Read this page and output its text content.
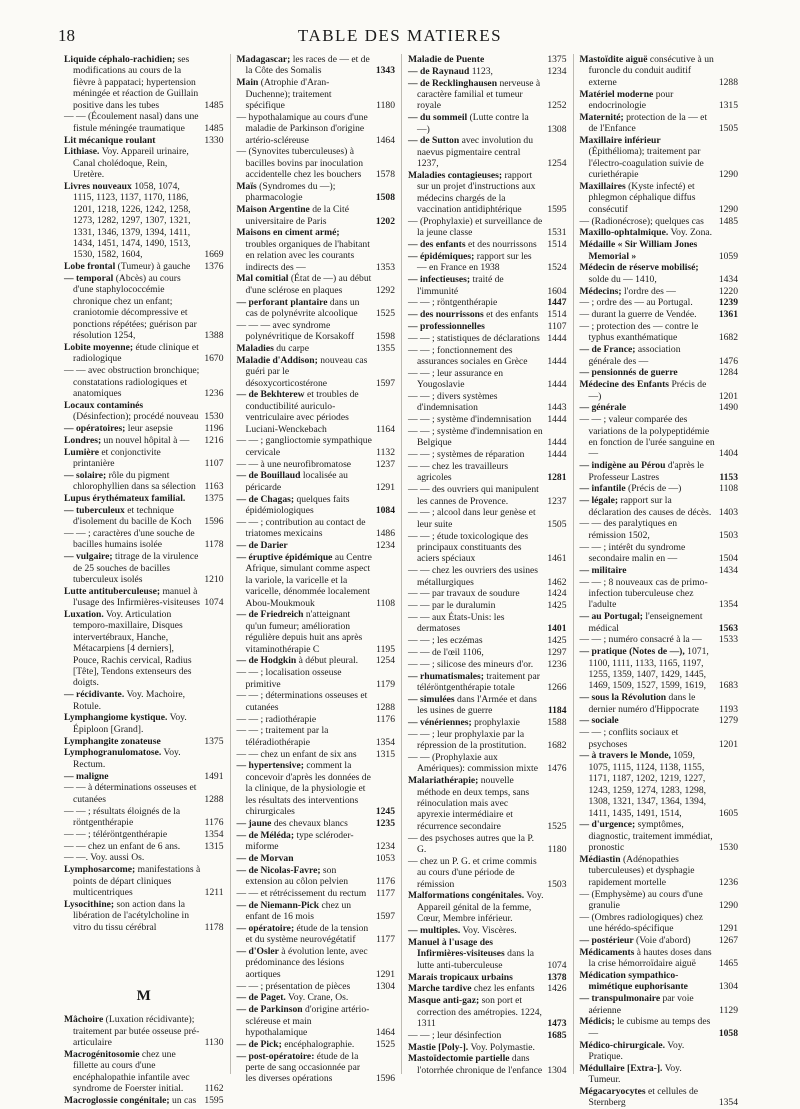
18	TABLE DES MATIERES
Liquide céphalo-rachidien; ses modifications au cours de la fièvre à pappataci; hypertension méningée et réaction de Guillain positive dans les tubes	1485
— — (Écoulement nasal) dans une fistule méningée traumatique	1485
Lit mécanique roulant	1330
Lithiase. Voy. Appareil urinaire, Canal cholédoque, Rein, Uretère.
Livres nouveaux 1058, 1074, 1115, 1123, 1137, 1170, 1186, 1201, 1218, 1226, 1242, 1258, 1273, 1282, 1297, 1307, 1321, 1331, 1346, 1379, 1394, 1411, 1434, 1451, 1474, 1490, 1513, 1530, 1582, 1604,	1669
Lobe frontal (Tumeur) à gauche	1376
— temporal (Abcès) au cours d'une staphylococcémie chronique chez un enfant; craniotomie décompressive et ponctions répétées; guérison par résolution 1254,	1388
Lobite moyenne; étude clinique et radiologique	1670
— — avec obstruction bronchique; constatations radiologiques et anatomiques	1236
Locaux contaminés (Désinfection); procédé nouveau 1530
— opératoires; leur asepsie	1196
Londres; un nouvel hôpital à —	1216
Lumière et conjonctivite printanière	1107
— solaire; rôle du pigment chlorophyllien dans sa sélection 1163
Lupus érythémateux familial.	1375
— tuberculeux et technique d'isolement du bacille de Koch	1596
— — ; caractères d'une souche de bacilles humains isolée	1178
— vulgaire; titrage de la virulence de 25 souches de bacilles tuberculeux isolés	1210
Lutte antituberculeuse; manuel à l'usage des Infirmières-visiteuses 1074
Luxation. Voy. Articulation temporo-maxillaire, Disques intervertébraux, Hanche, Métacarpiens [4 derniers], Pouce, Rachis cervical, Radius [Tête], Tendons extenseurs des doigts.
— récidivante. Voy. Machoire, Rotule.
Lymphangiome kystique. Voy. Épiploon [Grand].
Lymphangite zonateuse	1375
Lymphogranulomatose. Voy. Rectum.
— maligne	1491
— — à déterminations osseuses et cutanées	1288
— — ; résultats éloignés de la röntgenthérapie	1176
— — ; téléröntgenthérapie	1354
— — chez un enfant de 6 ans.	1315
— —. Voy. aussi Os.
Lymphosarcome; manifestations à points de départ cliniques multicentriques	1211
Lysocithine; son action dans la libération de l'acétylcholine in vitro du tissu cérébral	1178
M
Mâchoire (Luxation récidivante); traitement par butée osseuse pré-articulaire	1130
Macrogénitosomie chez une fillette au cours d'une encéphalopathie infantile avec syndrome de Foerster initial.	1162
Macroglossie congénitale; un cas 1595
Madagascar; les races de — et de la Côte des Somalis	1343
Main (Atrophie d'Aran-Duchenne); traitement spécifique	1180
— hypothalamique au cours d'une maladie de Parkinson d'origine artério-scléreuse	1464
— (Synovites tuberculeuses) à bacilles bovins par inoculation accidentelle chez les bouchers	1578
Maïs (Syndromes du —); pharmacologie	1508
Maison Argentine de la Cité universitaire de Paris	1202
Maisons en ciment armé; troubles organiques de l'habitant en relation avec les courants indirects des —	1353
Mal comitial (État de —) au début d'une sclérose en plaques	1292
— perforant plantaire dans un cas de polynévrite alcoolique	1525
— — — avec syndrome polynévritique de Korsakoff	1598
Maladies du carpe	1355
Maladie d'Addison; nouveau cas guéri par le désoxycorticostérone	1597
— de Bekhterew et troubles de conductibilité auriculo-ventriculaire avec périodes Luciani-Wenckebach	1164
— — ; ganglioctomie sympathique cervicale	1132
— — à une neurofibromatose	1237
— de Bouillaud localisée au péricarde	1291
— de Chagas; quelques faits épidémiologiques	1084
— — ; contribution au contact de triatomes mexicains	1486
— de Darier	1234
— éruptive épidémique au Centre Afrique, simulant comme aspect la variole, la varicelle et la varicelle, dénommée localement Abou-Moukmouk	1108
— de Friedreich n'atteignant qu'un fumeur; amélioration régulière depuis huit ans après vitaminothérapie C	1195
— de Hodgkin à début pleural.	1254
— — ; localisation osseuse primitive	1179
— — ; déterminations osseuses et cutanées	1288
— — ; radiothérapie	1176
— — ; traitement par la téléradiothérapie	1354
— — chez un enfant de six ans	1315
— hypertensive; comment la concevoir d'après les données de la clinique, de la physiologie et les résultats des interventions chirurgicales	1245
— jaune des chevaux blancs	1235
— de Méléda; type scléroder-miforme	1234
— de Morvan	1053
— de Nicolas-Favre; son extension au côlon pelvien	1176
— — et rétrécissement du rectum	1177
— de Niemann-Pick chez un enfant de 16 mois	1597
— opératoire; étude de la tension et du système neurovégétatif	1177
— d'Osler à évolution lente, avec prédominance des lésions aortiques	1291
— — ; présentation de pièces	1304
— de Paget. Voy. Crane, Os.
— de Parkinson d'origine artério-scléreuse et main hypothalamique	1464
— de Pick; encéphalographie.	1525
— post-opératoire: étude de la perte de sang occasionnée par les diverses opérations	1596
Maladie de Puente	1375
— de Raynaud 1123,	1234
— de Recklinghausen nerveuse à caractère familial et tumeur royale	1252
— du sommeil (Lutte contre la —)	1308
— de Sutton avec involution du naevus pigmentaire central 1237,	1254
Maladies contagieuses; rapport sur un projet d'instructions aux médecins chargés de la vaccination antidiphtérique	1595
— (Prophylaxie) et surveillance de la jeune classe	1531
— des enfants et des nourrissons	1514
— épidémiques; rapport sur les — en France en 1938	1524
— infectieuses; traité de l'immunité	1604
— — ; röntgenthérapie	1447
— des nourrissons et des enfants 1514
— professionnelles	1107
— — ; statistiques de déclarations 1444
— — ; fonctionnement des assurances sociales en Grèce	1444
— — ; leur assurance en Yougoslavie	1444
— — ; divers systèmes d'indemnisation	1443
— — ; système d'indemnisation	1444
— — ; système d'indemnisation en Belgique	1444
— — ; systèmes de réparation	1444
— — chez les travailleurs agricoles	1281
— — des ouvriers qui manipulent les cannes de Provence.	1237
— — ; alcool dans leur genèse et leur suite	1505
— — ; étude toxicologique des principaux constituants des aciers spéciaux	1461
— — chez les ouvriers des usines métallurgiques	1462
— — par travaux de soudure	1424
— — par le duralumin	1425
— — aux États-Unis: les dermatoses	1401
— — ; les eczémas	1425
— — de l'œil 1106,	1297
— — ; silicose des mineurs d'or.	1236
— rhumatismales; traitement par téléröntgenthérapie totale	1266
— simulées dans l'Armée et dans les usines de guerre	1184
— vénériennes; prophylaxie	1588
— — ; leur prophylaxie par la répression de la prostitution.	1682
— — (Prophylaxie aux Amériques): commission mixte 1476
Malariathérapie; nouvelle méthode en deux temps, sans réinoculation mais avec apyrexie intermédiaire et récurrence secondaire	1525
— des psychoses autres que la P. G.	1180
— chez un P. G. et crime commis au cours d'une période de rémission	1503
Malformations congénitales. Voy. Appareil génital de la femme, Cœur, Membre inférieur.
— multiples. Voy. Viscères.
Manuel à l'usage des Infirmières-visiteuses dans la lutte anti-tuberculeuse	1074
Marais tropicaux urbains	1378
Marche tardive chez les enfants	1426
Masque anti-gaz; son port et correction des amétropies. 1224, 1311	1473
— — ; leur désinfection	1685
Mastie [Poly-]. Voy. Polymastie.
Mastoïdectomie partielle dans l'otorrhée chronique de l'enfance 1304
Mastoïdite aiguë consécutive à un furoncle du conduit auditif externe	1288
Matériel moderne pour endocrinologie	1315
Maternité; protection de la — et de l'Enfance	1505
Maxillaire inférieur (Épithélioma); traitement par l'électro-coagulation suivie de curiethérapie	1290
Maxillaires (Kyste infecté) et phlegmon céphalique diffus consécutif	1290
— (Radionécrose); quelques cas	1485
Maxillo-ophtalmique. Voy. Zona.
Médaille « Sir William Jones Memorial »	1059
Médecin de réserve mobilisé; solde du — 1410,	1434
Médecins; l'ordre des —	1220
— ; ordre des — au Portugal.	1239
— durant la guerre de Vendée.	1361
— ; protection des — contre le typhus exanthématique	1682
— de France; association générale des —	1476
— pensionnés de guerre	1284
Médecine des Enfants Précis de —)	1201
— générale	1490
— — ; valeur comparée des variations de la polypeptidémie en fonction de l'urée sanguine en —	1404
— indigène au Pérou d'après le Professeur Lastres	1153
— infantile (Précis de —)	1108
— légale; rapport sur la déclaration des causes de décès. 1403
— — des paralytiques en rémission 1502,	1503
— — ; intérêt du syndrome secondaire malin en —	1504
— militaire	1434
— — ; 8 nouveaux cas de primo-infection tuberculeuse chez l'adulte	1354
— au Portugal; l'enseignement médical	1563
— — ; numéro consacré à la —	1533
— pratique (Notes de —), 1071, 1100, 1111, 1133, 1165, 1197, 1255, 1359, 1407, 1429, 1445, 1469, 1509, 1527, 1599, 1619,	1683
— sous la Révolution dans le dernier numéro d'Hippocrate	1193
— sociale	1279
— — ; conflits sociaux et psychoses	1201
— à travers le Monde, 1059, 1075, 1115, 1124, 1138, 1155, 1171, 1187, 1202, 1219, 1227, 1243, 1259, 1274, 1283, 1298, 1308, 1321, 1347, 1364, 1394, 1411, 1435, 1491, 1514,	1605
— d'urgence; symptômes, diagnostic, traitement immédiat, pronostic	1530
Médiastin (Adénopathies tuberculeuses) et dysphagie rapidement mortelle	1236
— (Emphysème) au cours d'une granulie	1290
— (Ombres radiologiques) chez une hérédo-spécifique	1291
— postérieur (Voie d'abord)	1267
Médicaments à hautes doses dans la crise hémorroïdaire aiguë	1465
Médication sympathico-mimétique euphorisante	1304
— transpulmonaire par voie aérienne	1129
Médicis; le cubisme au temps des —	1058
Médico-chirurgicale. Voy. Pratique.
Médullaire [Extra-]. Voy. Tumeur.
Mégacaryocytes et cellules de Sternberg	1354
